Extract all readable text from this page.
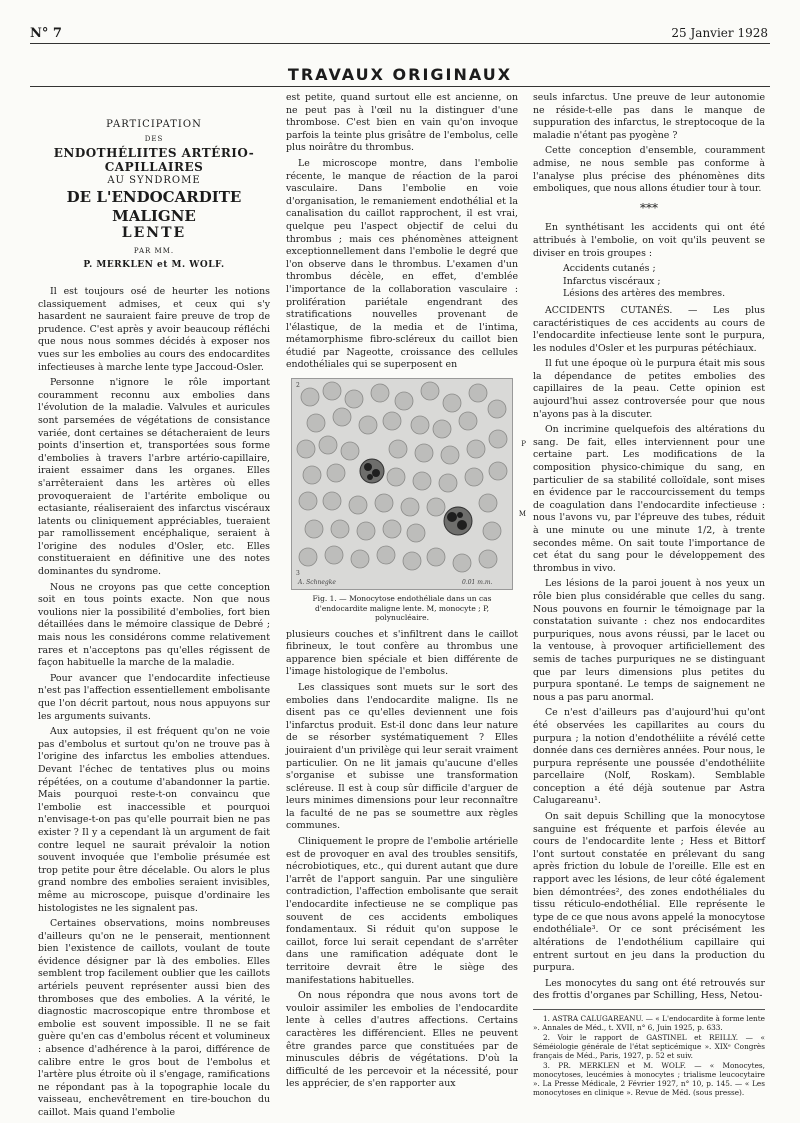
N° 7	25 Janvier 1928
TRAVAUX ORIGINAUX
PARTICIPATION
DES
ENDOTHÉLIITES ARTÉRIO-CAPILLAIRES
AU SYNDROME
DE L'ENDOCARDITE MALIGNE
LENTE
PAR MM.
P. MERKLEN et M. WOLF.

Il est toujours osé de heurter les notions classiquement admises, et ceux qui s'y hasardent ne sauraient faire preuve de trop de prudence. C'est après y avoir beaucoup réfléchi que nous nous sommes décidés à exposer nos vues sur les embolies au cours des endocardites infectieuses à marche lente type Jaccoud-Osler.

Personne n'ignore le rôle important couramment reconnu aux embolies dans l'évolution de la maladie. Valvules et auricules sont parsemées de végétations de consistance variée, dont certaines se détacheraient de leurs points d'insertion et, transportées sous forme d'embolies à travers l'arbre artério-capillaire, iraient essaimer dans les organes. Elles s'arrêteraient dans les artères où elles provoqueraient de l'artérite embolique ou ectasiante, réaliseraient des infarctus viscéraux latents ou cliniquement appréciables, tueraient par ramollissement encéphalique, seraient à l'origine des nodules d'Osler, etc. Elles constitueraient en définitive une des notes dominantes du syndrome.

Nous ne croyons pas que cette conception soit en tous points exacte. Non que nous voulions nier la possibilité d'embolies, fort bien détaillées dans le mémoire classique de Debré ; mais nous les considérons comme relativement rares et n'acceptons pas qu'elles régissent de façon habituelle la marche de la maladie.

Pour avancer que l'endocardite infectieuse n'est pas l'affection essentiellement embolisante que l'on décrit partout, nous nous appuyons sur les arguments suivants.

Aux autopsies, il est fréquent qu'on ne voie pas d'embolus et surtout qu'on ne trouve pas à l'origine des infarctus les embolies attendues. Devant l'échec de tentatives plus ou moins répétées, on a coutume d'abandonner la partie. Mais pourquoi reste-t-on convaincu que l'embolie est inaccessible et pourquoi n'envisage-t-on pas qu'elle pourrait bien ne pas exister ? Il y a cependant là un argument de fait contre lequel ne saurait prévaloir la notion souvent invoquée que l'embolie présumée est trop petite pour être décelable. Ou alors le plus grand nombre des embolies seraient invisibles, même au microscope, puisque d'ordinaire les histologistes ne les signalent pas.

Certaines observations, moins nombreuses d'ailleurs qu'on ne le penserait, mentionnent bien l'existence de caillots, voulant de toute évidence désigner par là des embolies. Elles semblent trop facilement oublier que les caillots artériels peuvent représenter aussi bien des thromboses que des embolies. A la vérité, le diagnostic macroscopique entre thrombose et embolie est souvent impossible. Il ne se fait guère qu'en cas d'embolus récent et volumineux : absence d'adhérence à la paroi, différence de calibre entre le gros bout de l'embolus et l'artère plus étroite où il s'engage, ramifications ne répondant pas à la topographie locale du vaisseau, enchevêtrement en tire-bouchon du caillot. Mais quand l'embolie

est petite, quand surtout elle est ancienne, on ne peut pas à l'œil nu la distinguer d'une thrombose. C'est bien en vain qu'on invoque parfois la teinte plus grisâtre de l'embolus, celle plus noirâtre du thrombus.

Le microscope montre, dans l'embolie récente, le manque de réaction de la paroi vasculaire. Dans l'embolie en voie d'organisation, le remaniement endothélial et la canalisation du caillot rapprochent, il est vrai, quelque peu l'aspect objectif de celui du thrombus ; mais ces phénomènes atteignent exceptionnellement dans l'embolie le degré que l'on observe dans le thrombus. L'examen d'un thrombus décèle, en effet, d'emblée l'importance de la collaboration vasculaire : prolifération pariétale engendrant des stratifications nouvelles provenant de l'élastique, de la media et de l'intima, métamorphisme fibro-scléreux du caillot bien étudié par Nageotte, croissance des cellules endothéliales qui se superposent en

A. Schnegke	0.01 m.m.
2
3
P
M
Fig. 1. — Monocytose endothéliale dans un cas d'endocardite maligne lente. M, monocyte ; P, polynucléaire.

plusieurs couches et s'infiltrent dans le caillot fibrineux, le tout confère au thrombus une apparence bien spéciale et bien différente de l'image histologique de l'embolus.

Les classiques sont muets sur le sort des embolies dans l'endocardite maligne. Ils ne disent pas ce qu'elles deviennent une fois l'infarctus produit. Est-il donc dans leur nature de se résorber systématiquement ? Elles jouiraient d'un privilège qui leur serait vraiment particulier. On ne lit jamais qu'aucune d'elles s'organise et subisse une transformation scléreuse. Il est à coup sûr difficile d'arguer de leurs minimes dimensions pour leur reconnaître la faculté de ne pas se soumettre aux règles communes.

Cliniquement le propre de l'embolie artérielle est de provoquer en aval des troubles sensitifs, nécrobiotiques, etc., qui durent autant que dure l'arrêt de l'apport sanguin. Par une singulière contradiction, l'affection embolisante que serait l'endocardite infectieuse ne se complique pas souvent de ces accidents emboliques fondamentaux. Si réduit qu'on suppose le caillot, force lui serait cependant de s'arrêter dans une ramification adéquate dont le territoire devrait être le siège des manifestations habituelles.

On nous répondra que nous avons tort de vouloir assimiler les embolies de l'endocardite lente à celles d'autres affections. Certains caractères les différencient. Elles ne peuvent être grandes parce que constituées par de minuscules débris de végétations. D'où la difficulté de les percevoir et la nécessité, pour les apprécier, de s'en rapporter aux

seuls infarctus. Une preuve de leur autonomie ne réside-t-elle pas dans le manque de suppuration des infarctus, le streptocoque de la maladie n'étant pas pyogène ?

Cette conception d'ensemble, couramment admise, ne nous semble pas conforme à l'analyse plus précise des phénomènes dits emboliques, que nous allons étudier tour à tour.

***

En synthétisant les accidents qui ont été attribués à l'embolie, on voit qu'ils peuvent se diviser en trois groupes :

Accidents cutanés ;
Infarctus viscéraux ;
Lésions des artères des membres.

ACCIDENTS CUTANÉS. — Les plus caractéristiques de ces accidents au cours de l'endocardite infectieuse lente sont le purpura, les nodules d'Osler et les purpuras pétéchiaux.

Il fut une époque où le purpura était mis sous la dépendance de petites embolies des capillaires de la peau. Cette opinion est aujourd'hui assez controversée pour que nous n'ayons pas à la discuter.

On incrimine quelquefois des altérations du sang. De fait, elles interviennent pour une certaine part. Les modifications de la composition physico-chimique du sang, en particulier de sa stabilité colloïdale, sont mises en évidence par le raccourcissement du temps de coagulation dans l'endocardite infectieuse : nous l'avons vu, par l'épreuve des tubes, réduit à une minute ou une minute 1/2, à trente secondes même. On sait toute l'importance de cet état du sang pour le développement des thrombus in vivo.

Les lésions de la paroi jouent à nos yeux un rôle bien plus considérable que celles du sang. Nous pouvons en fournir le témoignage par la constatation suivante : chez nos endocardites purpuriques, nous avons réussi, par le lacet ou la ventouse, à provoquer artificiellement des semis de taches purpuriques ne se distinguant que par leurs dimensions plus petites du purpura spontané. Le temps de saignement ne nous a pas paru anormal.

Ce n'est d'ailleurs pas d'aujourd'hui qu'ont été observées les capillarites au cours du purpura ; la notion d'endothéliite a révélé cette donnée dans ces dernières années. Pour nous, le purpura représente une poussée d'endothéliite parcellaire (Nolf, Roskam). Semblable conception a été déjà soutenue par Astra Calugareanu¹.

On sait depuis Schilling que la monocytose sanguine est fréquente et parfois élevée au cours de l'endocardite lente ; Hess et Bittorf l'ont surtout constatée en prélevant du sang après friction du lobule de l'oreille. Elle est en rapport avec les lésions, de leur côté également bien démontrées², des zones endothéliales du tissu réticulo-endothélial. Elle représente le type de ce que nous avons appelé la monocytose endothéliale³. Or ce sont précisément les altérations de l'endothélium capillaire qui entrent surtout en jeu dans la production du purpura.

Les monocytes du sang ont été retrouvés sur des frottis d'organes par Schilling, Hess, Netou-

1. ASTRA CALUGAREANU. — « L'endocardite à forme lente ». Annales de Méd., t. XVII, n° 6, Juin 1925, p. 633.
2. Voir le rapport de GASTINEL et REILLY. — « Séméiologie générale de l'état septicémique ». XIXᵉ Congrès français de Méd., Paris, 1927, p. 52 et suiv.
3. PR. MERKLEN et M. WOLF. — « Monocytes, monocytoses, leucémies à monocytes ; trialisme leucocytaire ». La Presse Médicale, 2 Février 1927, n° 10, p. 145. — « Les monocytoses en clinique ». Revue de Méd. (sous presse).
